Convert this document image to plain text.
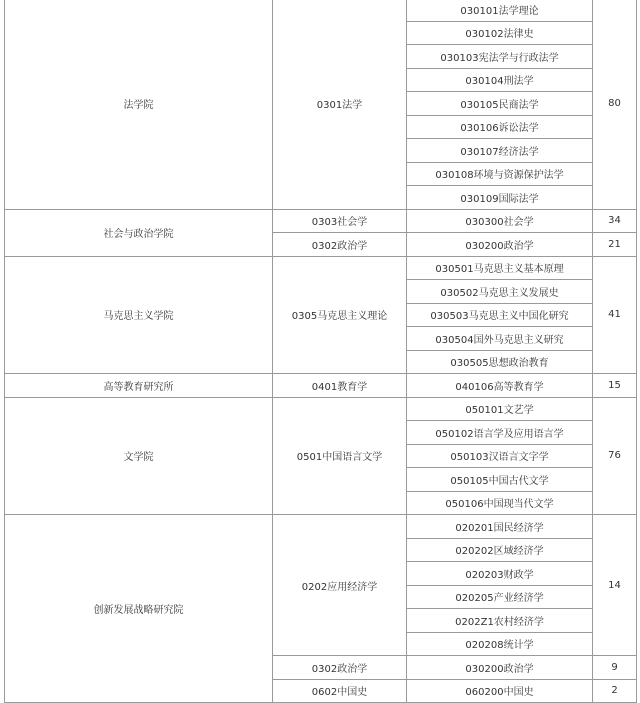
法学院	0301法学	030101法学理论	80
		030102法律史	
		030103宪法学与行政法学	
		030104刑法学	
		030105民商法学	
		030106诉讼法学	
		030107经济法学	
		030108环境与资源保护法学	
		030109国际法学	
社会与政治学院	0303社会学	030300社会学	34
	0302政治学	030200政治学	21
马克思主义学院	0305马克思主义理论	030501马克思主义基本原理	41
		030502马克思主义发展史	
		030503马克思主义中国化研究	
		030504国外马克思主义研究	
		030505思想政治教育	
高等教育研究所	0401教育学	040106高等教育学	15
文学院	0501中国语言文学	050101文艺学	76
		050102语言学及应用语言学	
		050103汉语言文字学	
		050105中国古代文学	
		050106中国现当代文学	
创新发展战略研究院	0202应用经济学	020201国民经济学	14
		020202区域经济学	
		020203财政学	
		020205产业经济学	
		0202Z1农村经济学	
		020208统计学	
	0302政治学	030200政治学	9
	0602中国史	060200中国史	2
